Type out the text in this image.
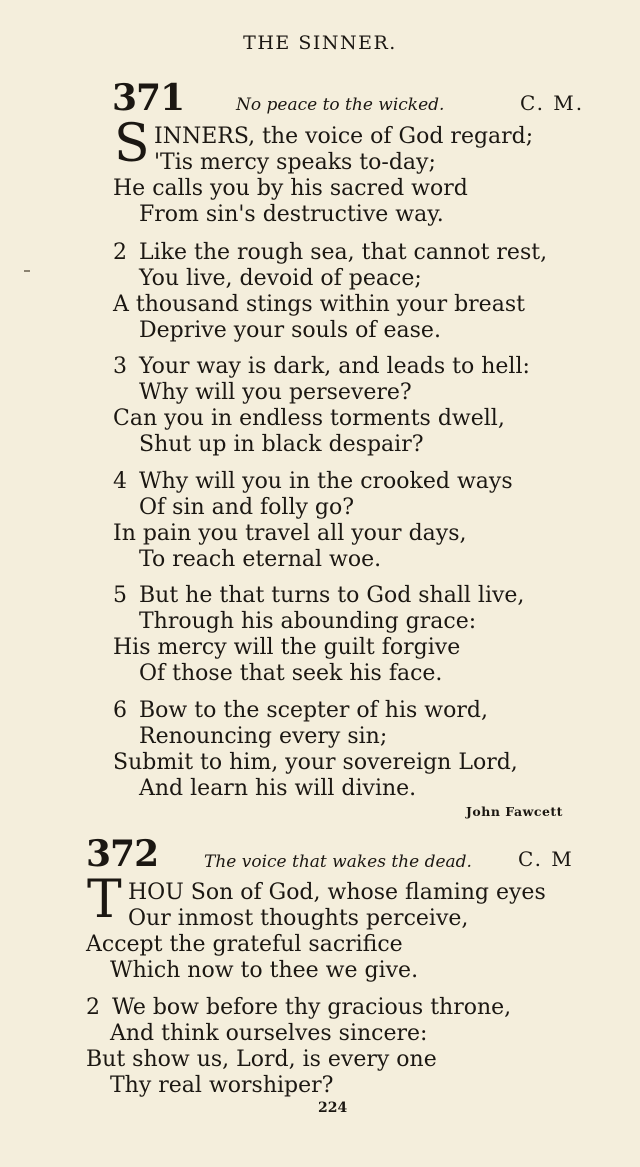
THE SINNER.
371	No peace to the wicked.	C. M.
S INNERS, the voice of God regard;
'Tis mercy speaks to-day;
He calls you by his sacred word
From sin's destructive way.
2 Like the rough sea, that cannot rest,
You live, devoid of peace;
A thousand stings within your breast
Deprive your souls of ease.
3 Your way is dark, and leads to hell:
Why will you persevere?
Can you in endless torments dwell,
Shut up in black despair?
4 Why will you in the crooked ways
Of sin and folly go?
In pain you travel all your days,
To reach eternal woe.
5 But he that turns to God shall live,
Through his abounding grace:
His mercy will the guilt forgive
Of those that seek his face.
6 Bow to the scepter of his word,
Renouncing every sin;
Submit to him, your sovereign Lord,
And learn his will divine.
John Fawcett
372	The voice that wakes the dead. C. M
T HOU Son of God, whose flaming eyes
Our inmost thoughts perceive,
Accept the grateful sacrifice
Which now to thee we give.
2 We bow before thy gracious throne,
And think ourselves sincere:
But show us, Lord, is every one
Thy real worshiper?
224
